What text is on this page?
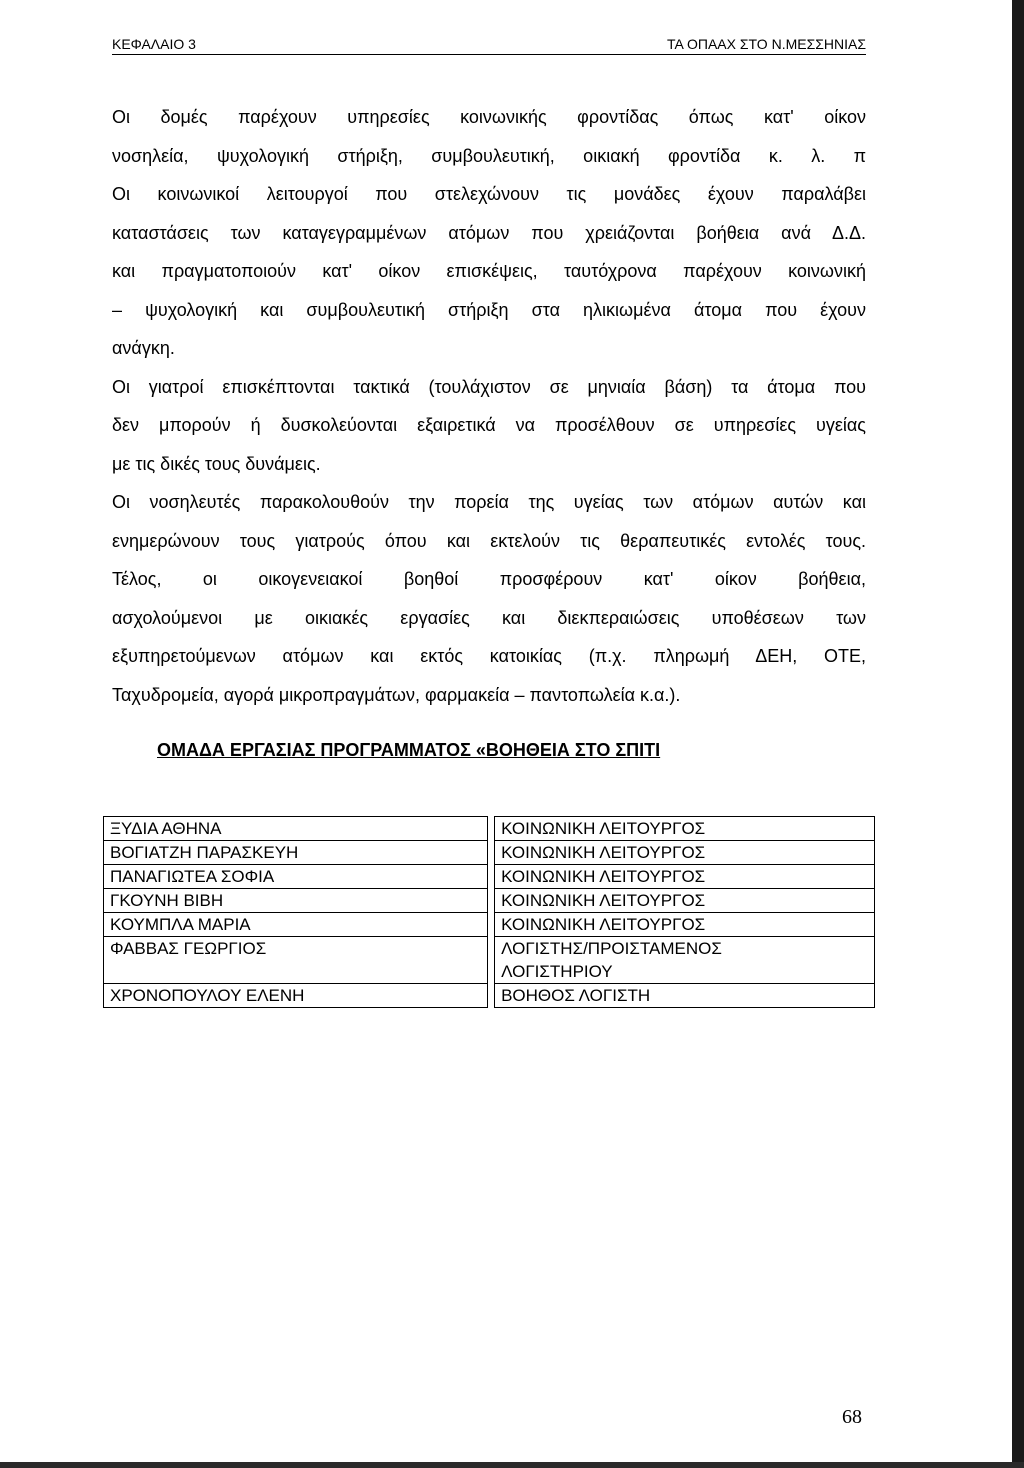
ΚΕΦΑΛΑΙΟ 3	ΤΑ ΟΠΑΑΧ ΣΤΟ Ν.ΜΕΣΣΗΝΙΑΣ
Οι δομές παρέχουν υπηρεσίες κοινωνικής φροντίδας όπως κατ' οίκον
νοσηλεία, ψυχολογική στήριξη, συμβουλευτική, οικιακή φροντίδα κ. λ. π
Οι κοινωνικοί λειτουργοί που στελεχώνουν τις μονάδες έχουν παραλάβει
καταστάσεις των καταγεγραμμένων ατόμων που χρειάζονται βοήθεια ανά Δ.Δ.
και πραγματοποιούν κατ' οίκον επισκέψεις, ταυτόχρονα παρέχουν κοινωνική
– ψυχολογική και συμβουλευτική στήριξη στα ηλικιωμένα άτομα που έχουν
ανάγκη.
Οι γιατροί επισκέπτονται τακτικά (τουλάχιστον σε μηνιαία βάση) τα άτομα που
δεν μπορούν ή δυσκολεύονται εξαιρετικά να προσέλθουν σε υπηρεσίες υγείας
με τις δικές τους δυνάμεις.
Οι νοσηλευτές παρακολουθούν την πορεία της υγείας των ατόμων αυτών και
ενημερώνουν τους γιατρούς όπου και εκτελούν τις θεραπευτικές εντολές τους.
Τέλος, οι οικογενειακοί βοηθοί προσφέρουν κατ' οίκον βοήθεια,
ασχολούμενοι με οικιακές εργασίες και διεκπεραιώσεις υποθέσεων των
εξυπηρετούμενων ατόμων και εκτός κατοικίας (π.χ. πληρωμή ΔΕΗ, ΟΤΕ,
Ταχυδρομεία, αγορά μικροπραγμάτων, φαρμακεία – παντοπωλεία κ.α.).
ΟΜΑΔΑ ΕΡΓΑΣΙΑΣ ΠΡΟΓΡΑΜΜΑΤΟΣ «ΒΟΗΘΕΙΑ ΣΤΟ ΣΠΙΤΙ
ΞΥΔΙΑ ΑΘΗΝΑ		ΚΟΙΝΩΝΙΚΗ ΛΕΙΤΟΥΡΓΟΣ
ΒΟΓΙΑΤΖΗ ΠΑΡΑΣΚΕΥΗ		ΚΟΙΝΩΝΙΚΗ ΛΕΙΤΟΥΡΓΟΣ
ΠΑΝΑΓΙΩΤΕΑ ΣΟΦΙΑ		ΚΟΙΝΩΝΙΚΗ ΛΕΙΤΟΥΡΓΟΣ
ΓΚΟΥΝΗ ΒΙΒΗ		ΚΟΙΝΩΝΙΚΗ ΛΕΙΤΟΥΡΓΟΣ
ΚΟΥΜΠΛΑ ΜΑΡΙΑ		ΚΟΙΝΩΝΙΚΗ ΛΕΙΤΟΥΡΓΟΣ
ΦΑΒΒΑΣ ΓΕΩΡΓΙΟΣ		ΛΟΓΙΣΤΗΣ/ΠΡΟΙΣΤΑΜΕΝΟΣ
ΛΟΓΙΣΤΗΡΙΟΥ
ΧΡΟΝΟΠΟΥΛΟΥ ΕΛΕΝΗ		ΒΟΗΘΟΣ ΛΟΓΙΣΤΗ
68
